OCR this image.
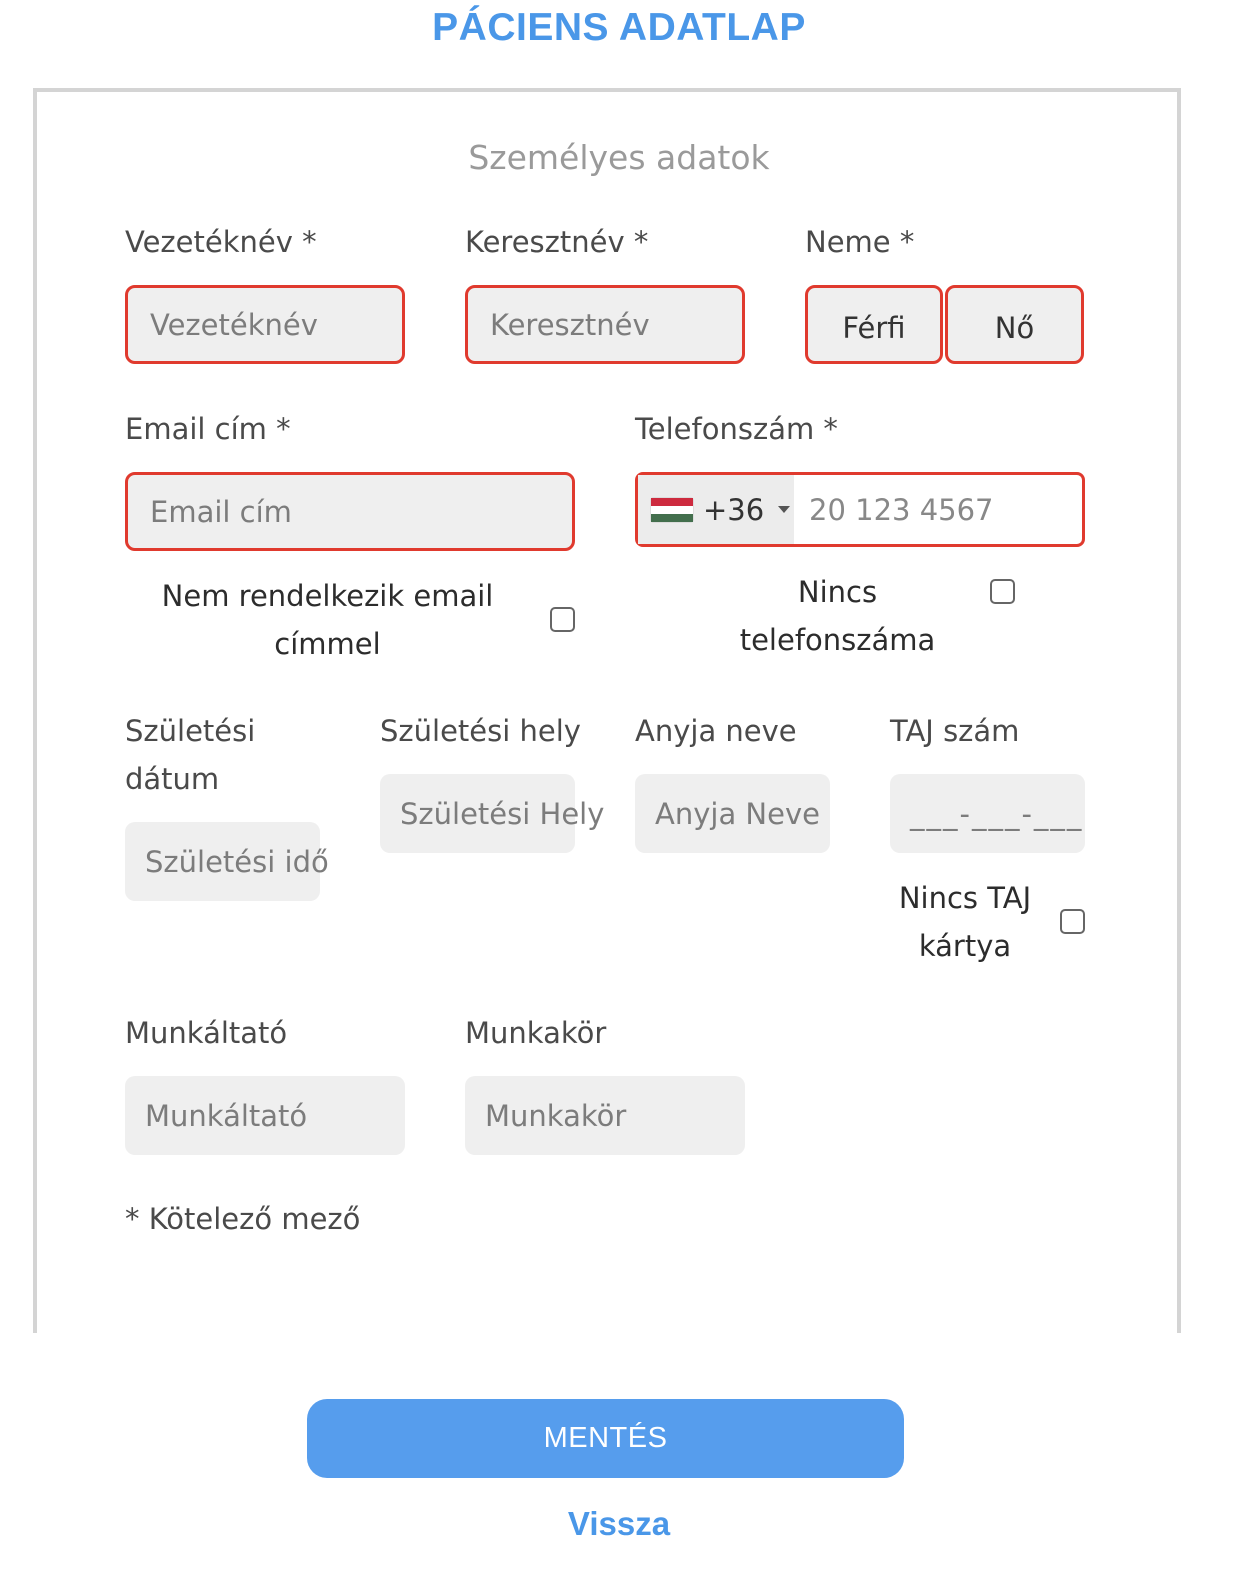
PÁCIENS ADATLAP
Személyes adatok
Vezetéknév *
Vezetéknév
Keresztnév *
Keresztnév
Neme *
Férfi	Nő
Email cím *
Email cím
Telefonszám *
+36 20 123 4567
Nem rendelkezik email
címmel
Nincs telefonszáma
Születési
dátum
Születési idő
Születési hely
Születési Hely
Anyja neve
Anyja Neve
TAJ szám
___-___-___
Nincs TAJ
kártya
Munkáltató
Munkáltató
Munkakör
Munkakör
* Kötelező mező
MENTÉS
Vissza
